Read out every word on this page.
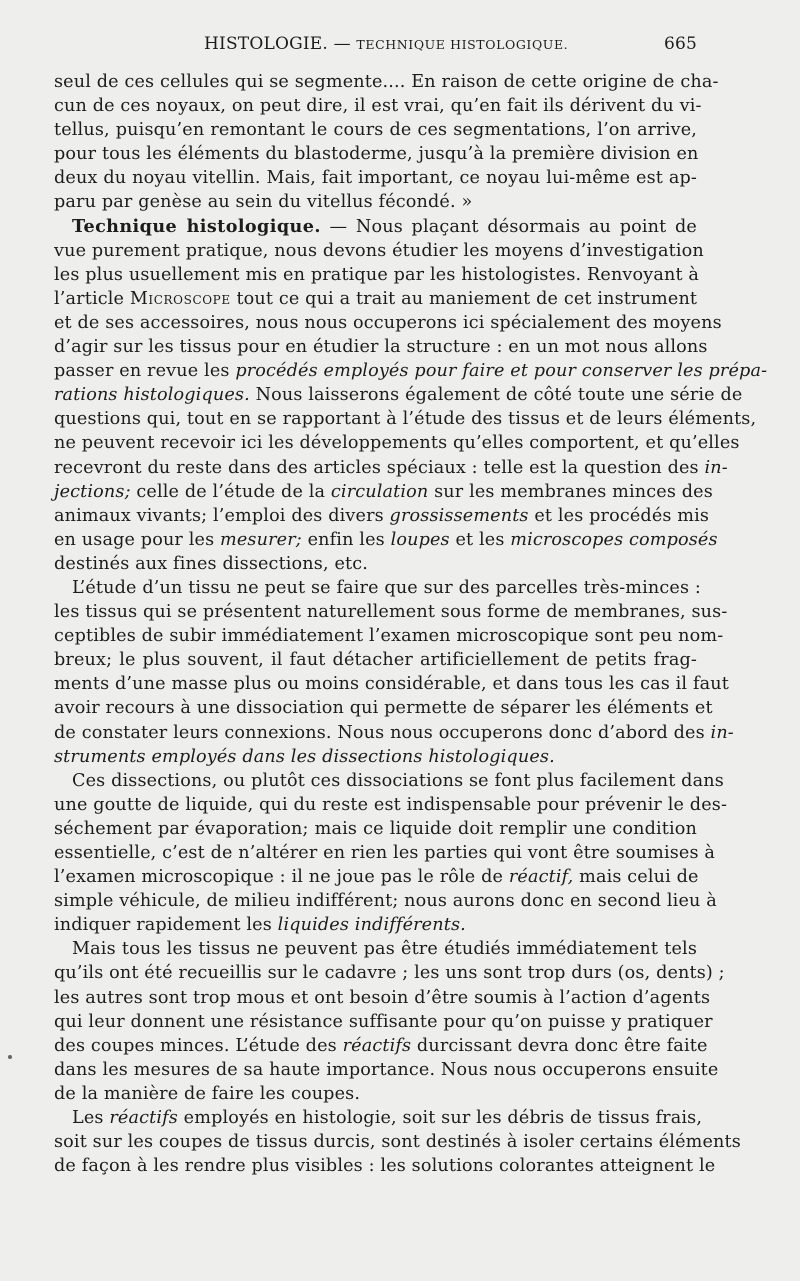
HISTOLOGIE. — TECHNIQUE HISTOLOGIQUE.	665
seul de ces cellules qui se segmente.... En raison de cette origine de cha-
cun de ces noyaux, on peut dire, il est vrai, qu’en fait ils dérivent du vi-
tellus, puisqu’en remontant le cours de ces segmentations, l’on arrive,
pour tous les éléments du blastoderme, jusqu’à la première division en
deux du noyau vitellin. Mais, fait important, ce noyau lui-même est ap-
paru par genèse au sein du vitellus fécondé. »
Technique histologique. — Nous plaçant désormais au point de
vue purement pratique, nous devons étudier les moyens d’investigation
les plus usuellement mis en pratique par les histologistes. Renvoyant à
l’article Microscope tout ce qui a trait au maniement de cet instrument
et de ses accessoires, nous nous occuperons ici spécialement des moyens
d’agir sur les tissus pour en étudier la structure : en un mot nous allons
passer en revue les procédés employés pour faire et pour conserver les prépa-
rations histologiques. Nous laisserons également de côté toute une série de
questions qui, tout en se rapportant à l’étude des tissus et de leurs éléments,
ne peuvent recevoir ici les développements qu’elles comportent, et qu’elles
recevront du reste dans des articles spéciaux : telle est la question des in-
jections; celle de l’étude de la circulation sur les membranes minces des
animaux vivants; l’emploi des divers grossissements et les procédés mis
en usage pour les mesurer; enfin les loupes et les microscopes composés
destinés aux fines dissections, etc.
L’étude d’un tissu ne peut se faire que sur des parcelles très-minces :
les tissus qui se présentent naturellement sous forme de membranes, sus-
ceptibles de subir immédiatement l’examen microscopique sont peu nom-
breux; le plus souvent, il faut détacher artificiellement de petits frag-
ments d’une masse plus ou moins considérable, et dans tous les cas il faut
avoir recours à une dissociation qui permette de séparer les éléments et
de constater leurs connexions. Nous nous occuperons donc d’abord des in-
struments employés dans les dissections histologiques.
Ces dissections, ou plutôt ces dissociations se font plus facilement dans
une goutte de liquide, qui du reste est indispensable pour prévenir le des-
séchement par évaporation; mais ce liquide doit remplir une condition
essentielle, c’est de n’altérer en rien les parties qui vont être soumises à
l’examen microscopique : il ne joue pas le rôle de réactif, mais celui de
simple véhicule, de milieu indifférent; nous aurons donc en second lieu à
indiquer rapidement les liquides indifférents.
Mais tous les tissus ne peuvent pas être étudiés immédiatement tels
qu’ils ont été recueillis sur le cadavre ; les uns sont trop durs (os, dents) ;
les autres sont trop mous et ont besoin d’être soumis à l’action d’agents
qui leur donnent une résistance suffisante pour qu’on puisse y pratiquer
des coupes minces. L’étude des réactifs durcissant devra donc être faite
dans les mesures de sa haute importance. Nous nous occuperons ensuite
de la manière de faire les coupes.
Les réactifs employés en histologie, soit sur les débris de tissus frais,
soit sur les coupes de tissus durcis, sont destinés à isoler certains éléments
de façon à les rendre plus visibles : les solutions colorantes atteignent le
